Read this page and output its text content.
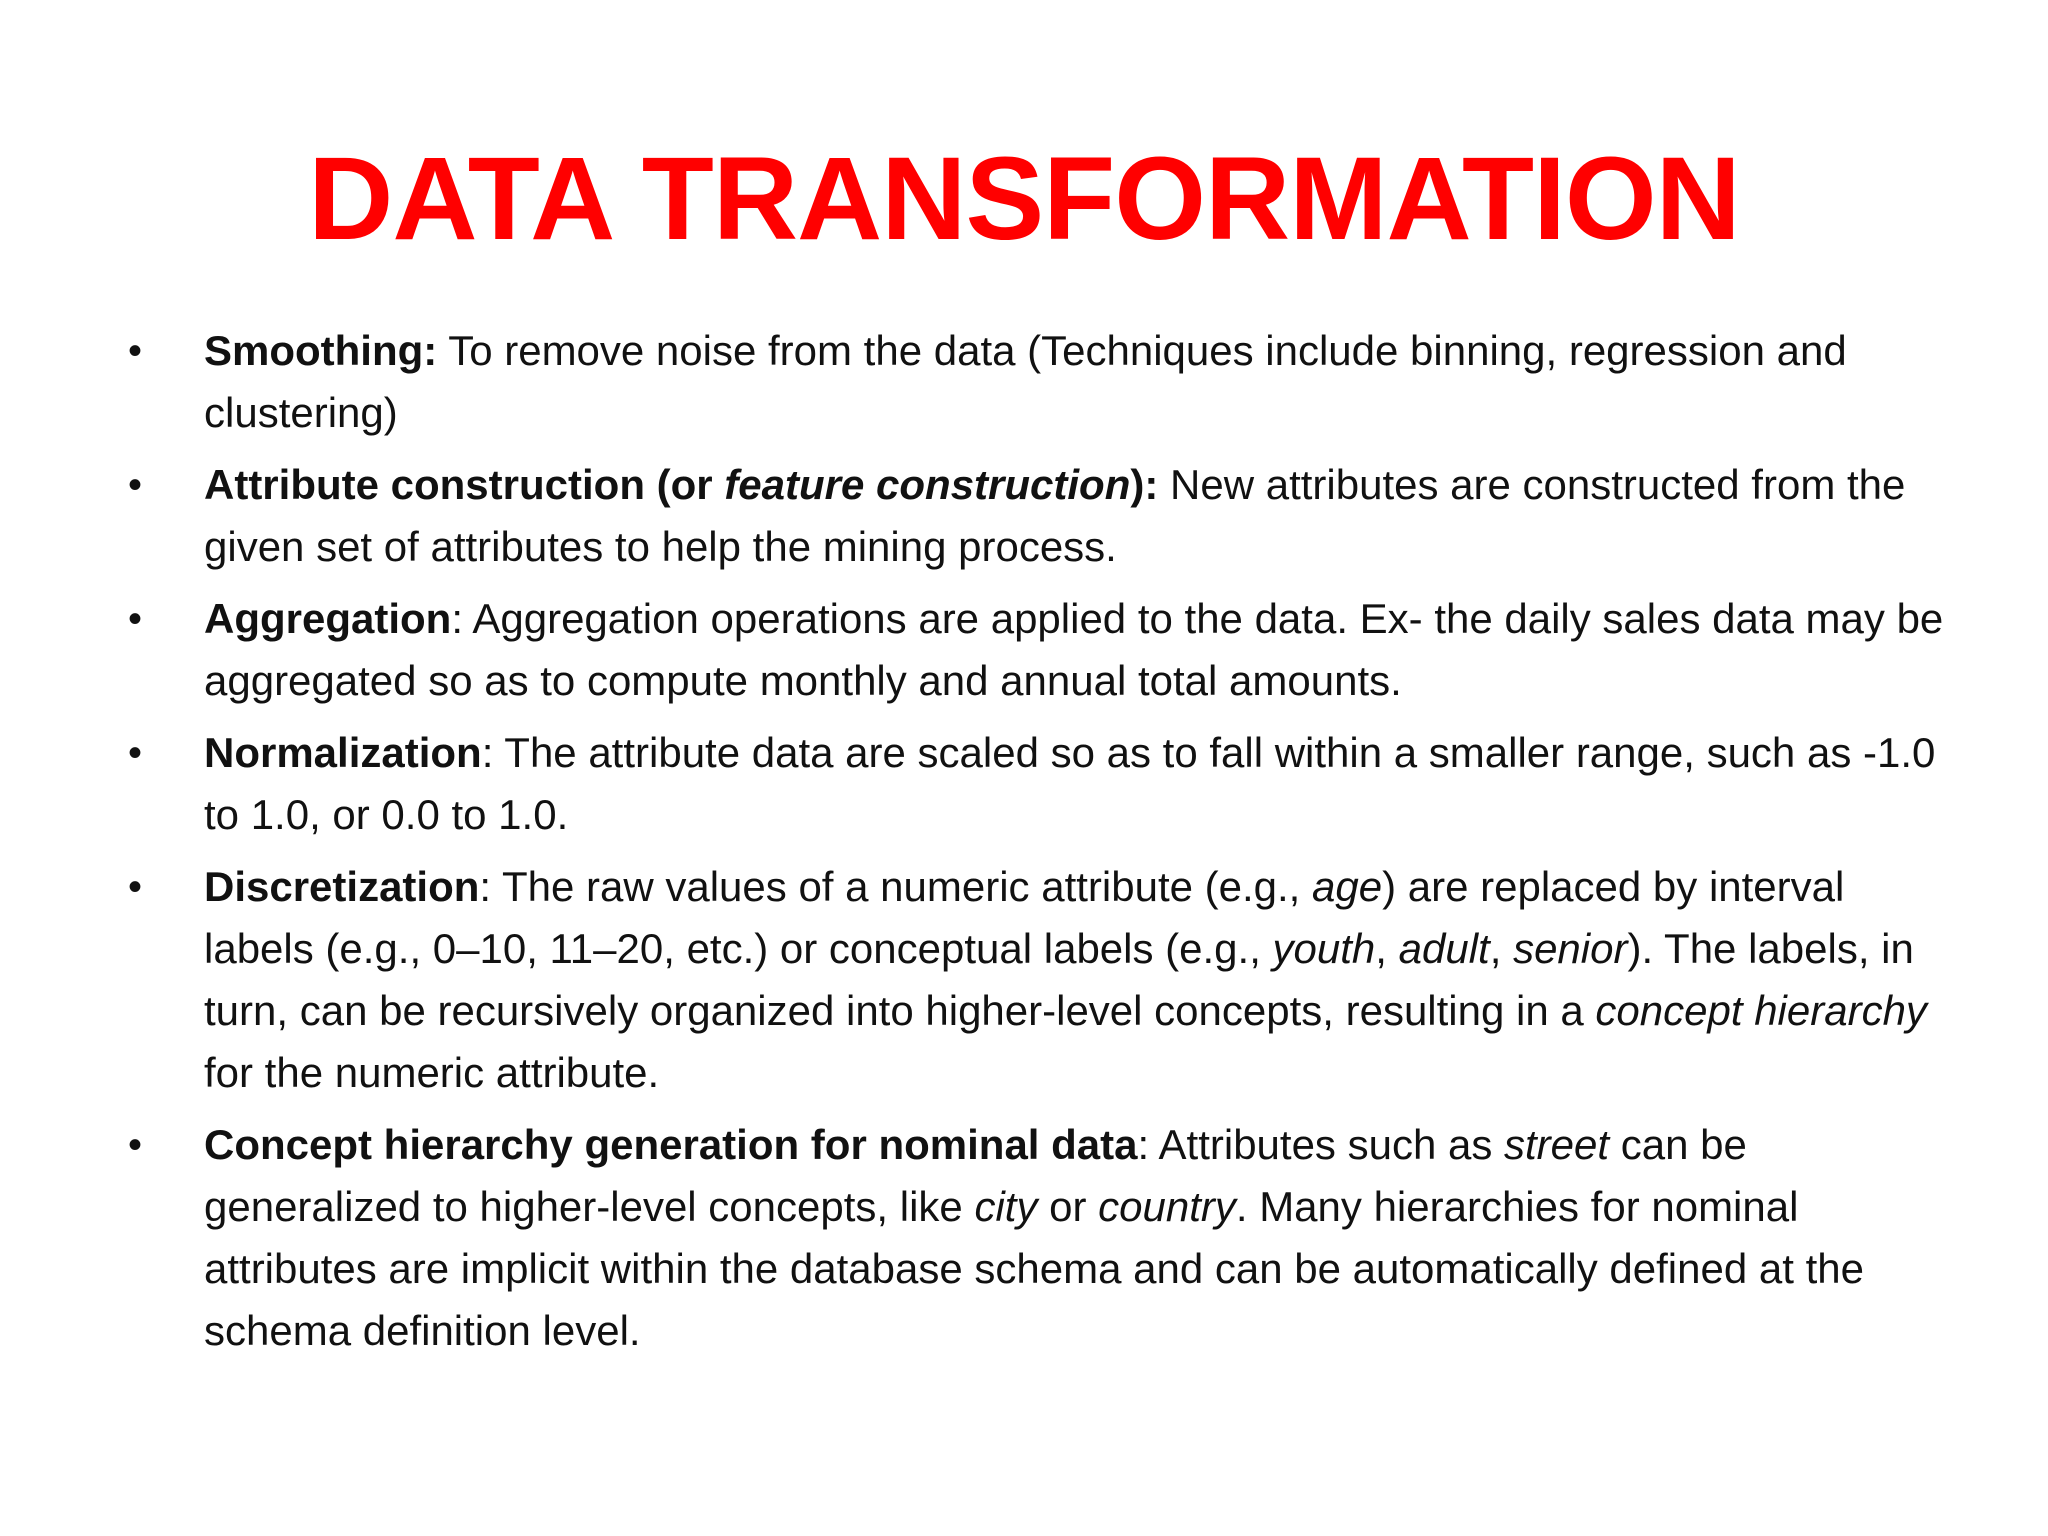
DATA TRANSFORMATION
• Smoothing: To remove noise from the data (Techniques include binning, regression and clustering)
• Attribute construction (or feature construction): New attributes are constructed from the given set of attributes to help the mining process.
• Aggregation: Aggregation operations are applied to the data. Ex- the daily sales data may be aggregated so as to compute monthly and annual total amounts.
• Normalization: The attribute data are scaled so as to fall within a smaller range, such as -1.0 to 1.0, or 0.0 to 1.0.
• Discretization: The raw values of a numeric attribute (e.g., age) are replaced by interval labels (e.g., 0–10, 11–20, etc.) or conceptual labels (e.g., youth, adult, senior). The labels, in turn, can be recursively organized into higher-level concepts, resulting in a concept hierarchy for the numeric attribute.
• Concept hierarchy generation for nominal data: Attributes such as street can be generalized to higher-level concepts, like city or country. Many hierarchies for nominal attributes are implicit within the database schema and can be automatically defined at the schema definition level.
